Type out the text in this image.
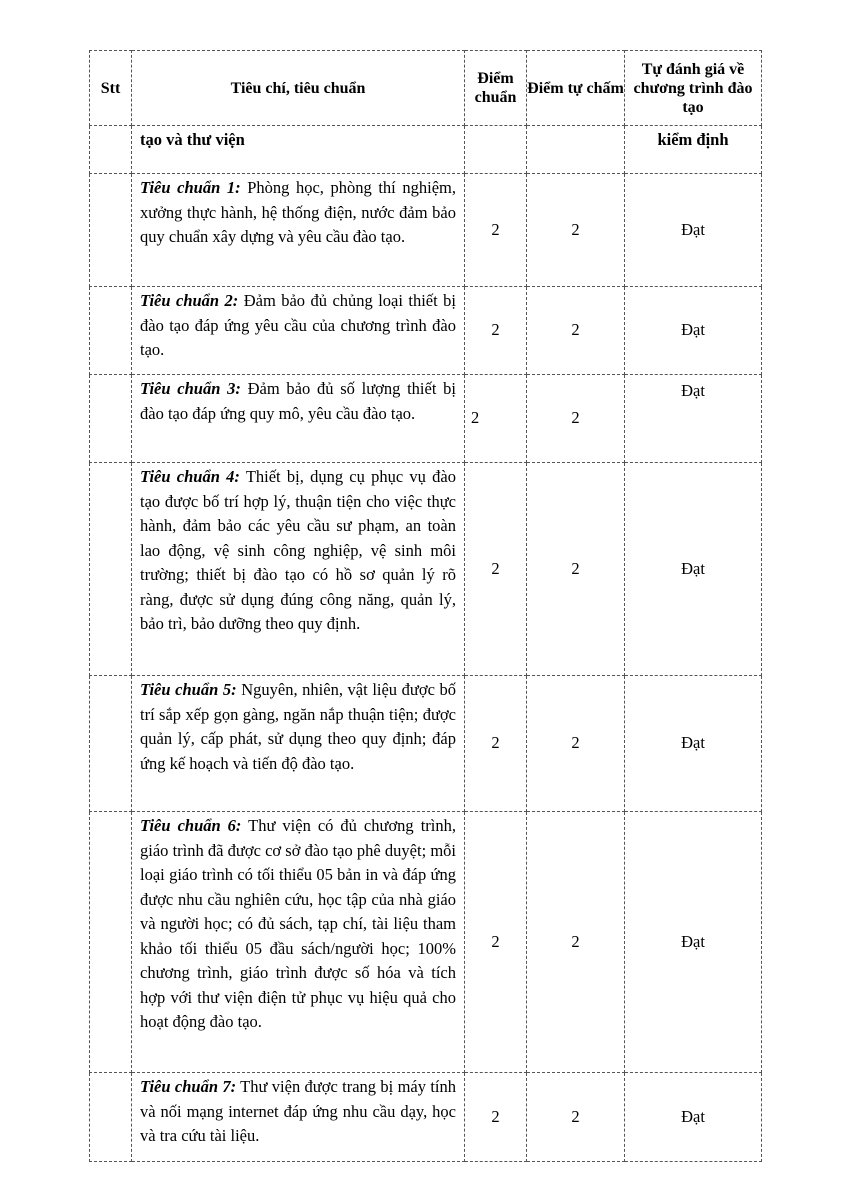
Stt	Tiêu chí, tiêu chuẩn	Điểm chuẩn	Điểm tự chấm	Tự đánh giá về chương trình đào tạo
	tạo và thư viện			kiểm định
	Tiêu chuẩn 1: Phòng học, phòng thí nghiệm, xưởng thực hành, hệ thống điện, nước đảm bảo quy chuẩn xây dựng và yêu cầu đào tạo.	2	2	Đạt
	Tiêu chuẩn 2: Đảm bảo đủ chủng loại thiết bị đào tạo đáp ứng yêu cầu của chương trình đào tạo.	2	2	Đạt
	Tiêu chuẩn 3: Đảm bảo đủ số lượng thiết bị đào tạo đáp ứng quy mô, yêu cầu đào tạo.	2	2	Đạt
	Tiêu chuẩn 4: Thiết bị, dụng cụ phục vụ đào tạo được bố trí hợp lý, thuận tiện cho việc thực hành, đảm bảo các yêu cầu sư phạm, an toàn lao động, vệ sinh công nghiệp, vệ sinh môi trường; thiết bị đào tạo có hồ sơ quản lý rõ ràng, được sử dụng đúng công năng, quản lý, bảo trì, bảo dưỡng theo quy định.	2	2	Đạt
	Tiêu chuẩn 5: Nguyên, nhiên, vật liệu được bố trí sắp xếp gọn gàng, ngăn nắp thuận tiện; được quản lý, cấp phát, sử dụng theo quy định; đáp ứng kế hoạch và tiến độ đào tạo.	2	2	Đạt
	Tiêu chuẩn 6: Thư viện có đủ chương trình, giáo trình đã được cơ sở đào tạo phê duyệt; mỗi loại giáo trình có tối thiểu 05 bản in và đáp ứng được nhu cầu nghiên cứu, học tập của nhà giáo và người học; có đủ sách, tạp chí, tài liệu tham khảo tối thiểu 05 đầu sách/người học; 100% chương trình, giáo trình được số hóa và tích hợp với thư viện điện tử phục vụ hiệu quả cho hoạt động đào tạo.	2	2	Đạt
	Tiêu chuẩn 7: Thư viện được trang bị máy tính và nối mạng internet đáp ứng nhu cầu dạy, học và tra cứu tài liệu.	2	2	Đạt
